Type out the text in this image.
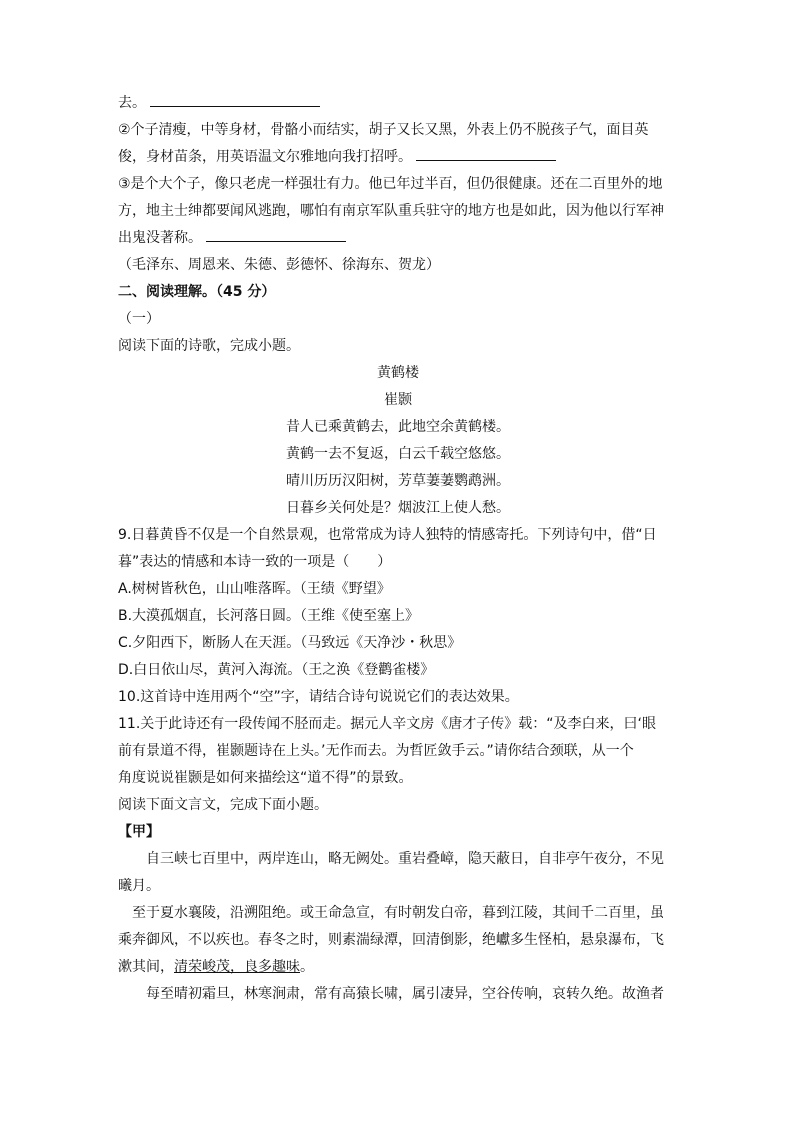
去。
②个子清瘦，中等身材，骨骼小而结实，胡子又长又黑，外表上仍不脱孩子气，面目英
俊，身材苗条，用英语温文尔雅地向我打招呼。
③是个大个子，像只老虎一样强壮有力。他已年过半百，但仍很健康。还在二百里外的地
方，地主士绅都要闻风逃跑，哪怕有南京军队重兵驻守的地方也是如此，因为他以行军神
出鬼没著称。
（毛泽东、周恩来、朱德、彭德怀、徐海东、贺龙）
二、阅读理解。（45 分）
（一）
阅读下面的诗歌，完成小题。
黄鹤楼
崔颢
昔人已乘黄鹤去，此地空余黄鹤楼。
黄鹤一去不复返，白云千载空悠悠。
晴川历历汉阳树，芳草萋萋鹦鹉洲。
日暮乡关何处是？烟波江上使人愁。
9.日暮黄昏不仅是一个自然景观，也常常成为诗人独特的情感寄托。下列诗句中，借“日
暮”表达的情感和本诗一致的一项是（　　）
A.树树皆秋色，山山唯落晖。（王绩《野望》
B.大漠孤烟直，长河落日圆。（王维《使至塞上》
C.夕阳西下，断肠人在天涯。（马致远《天净沙・秋思》
D.白日依山尽，黄河入海流。（王之涣《登鹳雀楼》
10.这首诗中连用两个“空”字，请结合诗句说说它们的表达效果。
11.关于此诗还有一段传闻不胫而走。据元人辛文房《唐才子传》载：“及李白来，曰‘眼
前有景道不得，崔颢题诗在上头。’无作而去。为哲匠敛手云。”请你结合颈联，从一个
角度说说崔颢是如何来描绘这“道不得”的景致。
阅读下面文言文，完成下面小题。
【甲】
自三峡七百里中，两岸连山，略无阙处。重岩叠嶂，隐天蔽日，自非亭午夜分，不见
曦月。
至于夏水襄陵，沿溯阻绝。或王命急宣，有时朝发白帝，暮到江陵，其间千二百里，虽
乘奔御风，不以疾也。春冬之时，则素湍绿潭，回清倒影，绝巘多生怪柏，悬泉瀑布，飞
漱其间，清荣峻茂，良多趣味。
每至晴初霜旦，林寒涧肃，常有高猿长啸，属引凄异，空谷传响，哀转久绝。故渔者
